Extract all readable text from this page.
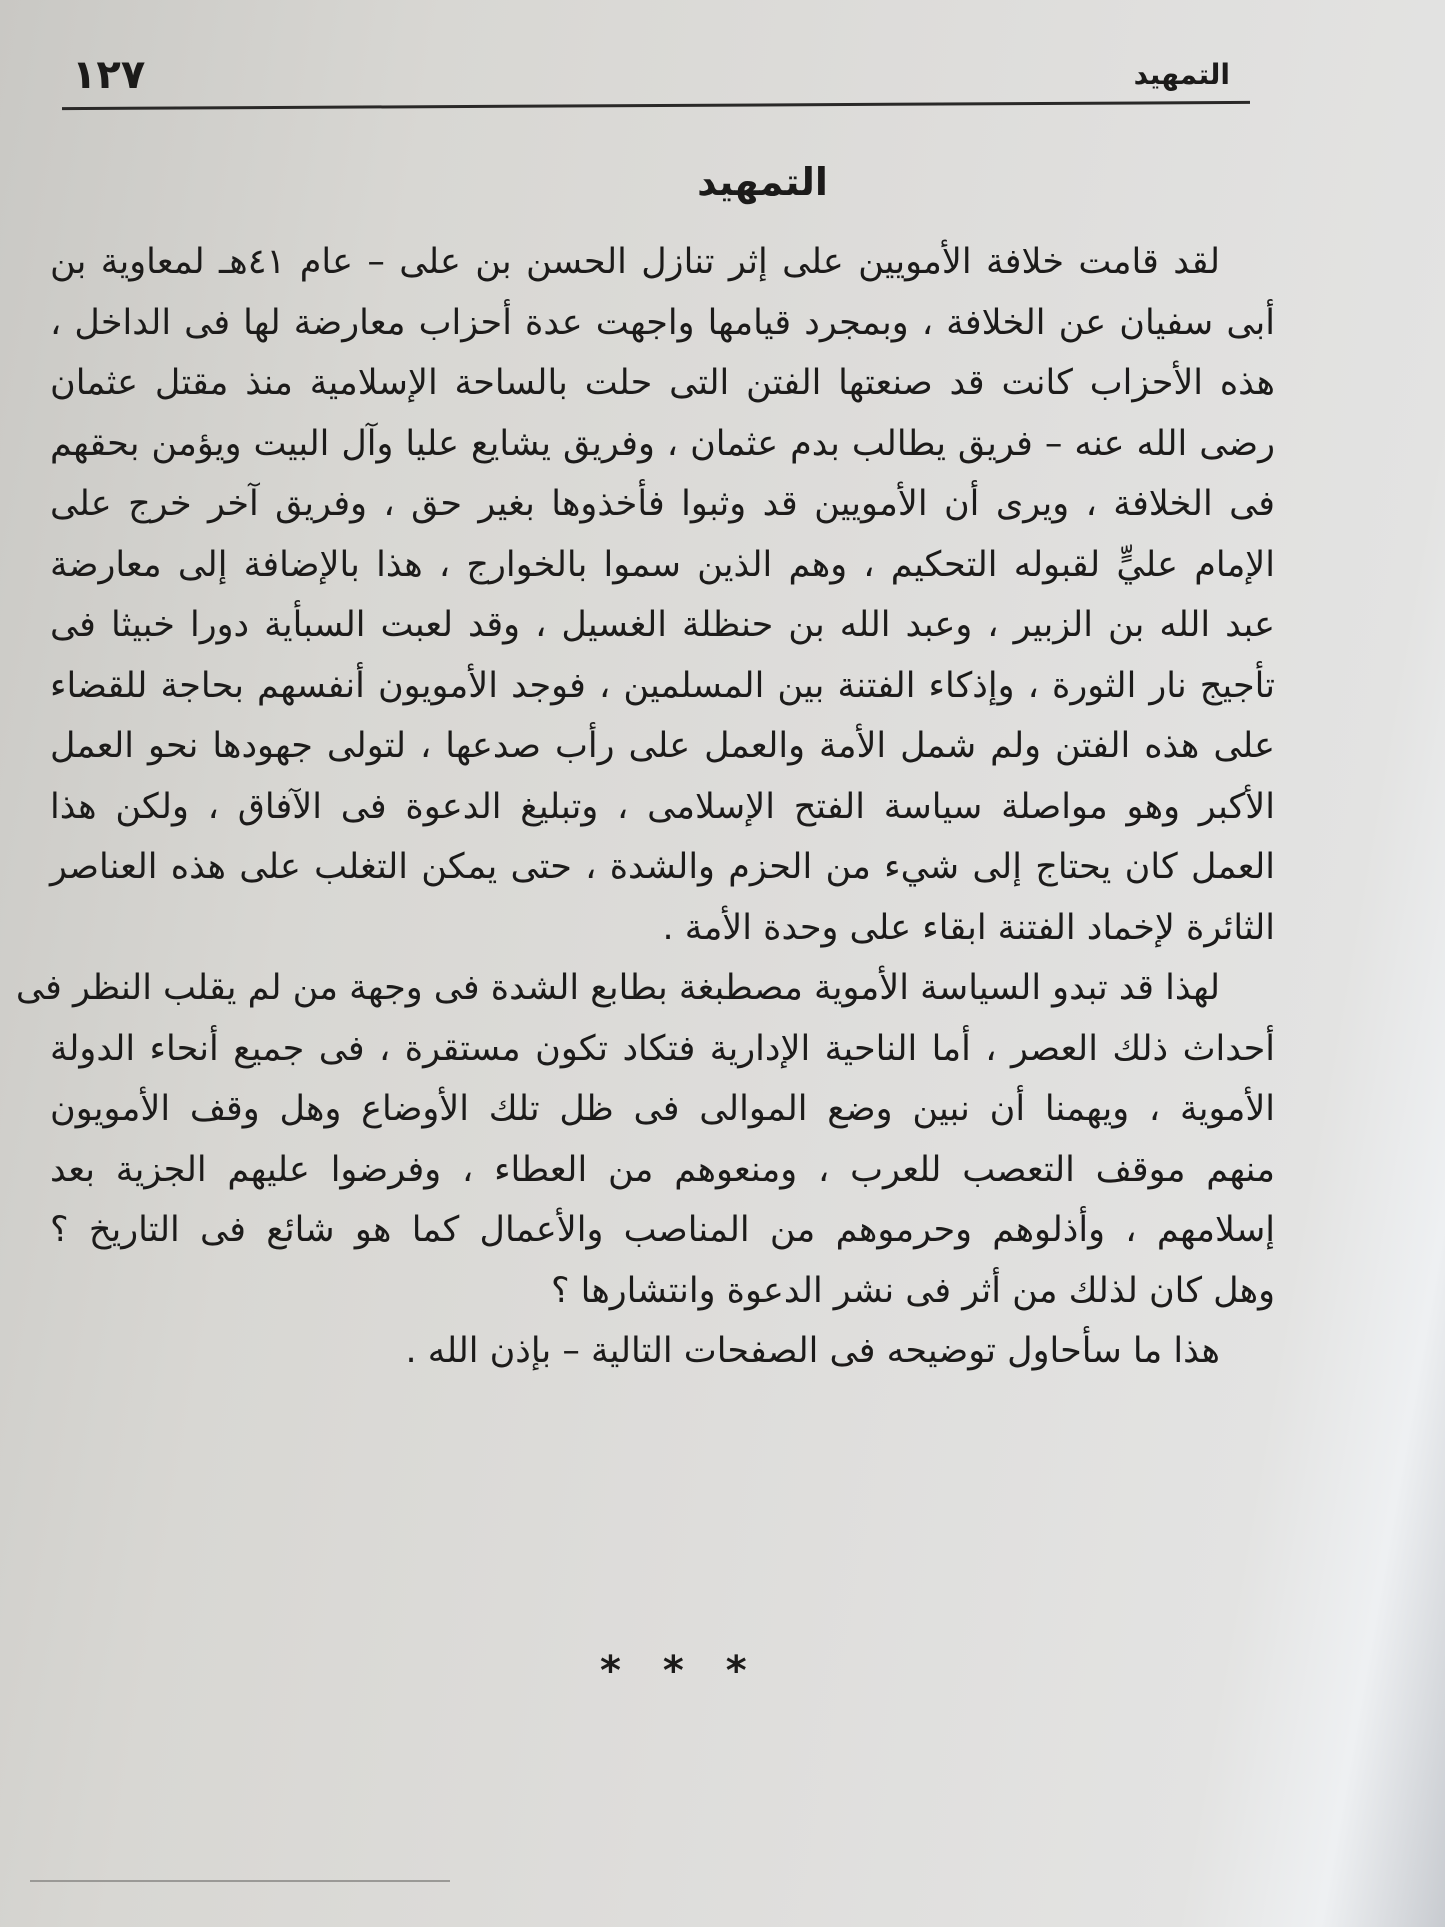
١٢٧	التمهيد
التمهيد
لقد قامت خلافة الأمويين على إثر تنازل الحسن بن على – عام ٤١هـ لمعاوية بن
أبى سفيان عن الخلافة ، وبمجرد قيامها واجهت عدة أحزاب معارضة لها فى الداخل ،
هذه الأحزاب كانت قد صنعتها الفتن التى حلت بالساحة الإسلامية منذ مقتل عثمان
رضى الله عنه – فريق يطالب بدم عثمان ، وفريق يشايع عليا وآل البيت ويؤمن بحقهم
فى الخلافة ، ويرى أن الأمويين قد وثبوا فأخذوها بغير حق ، وفريق آخر خرج على
الإمام عليٍّ لقبوله التحكيم ، وهم الذين سموا بالخوارج ، هذا بالإضافة إلى معارضة
عبد الله بن الزبير ، وعبد الله بن حنظلة الغسيل ، وقد لعبت السبأية دورا خبيثا فى
تأجيج نار الثورة ، وإذكاء الفتنة بين المسلمين ، فوجد الأمويون أنفسهم بحاجة للقضاء
على هذه الفتن ولم شمل الأمة والعمل على رأب صدعها ، لتولى جهودها نحو العمل
الأكبر وهو مواصلة سياسة الفتح الإسلامى ، وتبليغ الدعوة فى الآفاق ، ولكن هذا
العمل كان يحتاج إلى شيء من الحزم والشدة ، حتى يمكن التغلب على هذه العناصر
الثائرة لإخماد الفتنة ابقاء على وحدة الأمة .
لهذا قد تبدو السياسة الأموية مصطبغة بطابع الشدة فى وجهة من لم يقلب النظر فى
أحداث ذلك العصر ، أما الناحية الإدارية فتكاد تكون مستقرة ، فى جميع أنحاء الدولة
الأموية ، ويهمنا أن نبين وضع الموالى فى ظل تلك الأوضاع وهل وقف الأمويون
منهم موقف التعصب للعرب ، ومنعوهم من العطاء ، وفرضوا عليهم الجزية بعد
إسلامهم ، وأذلوهم وحرموهم من المناصب والأعمال كما هو شائع فى التاريخ ؟
وهل كان لذلك من أثر فى نشر الدعوة وانتشارها ؟
هذا ما سأحاول توضيحه فى الصفحات التالية – بإذن الله .
* * *
